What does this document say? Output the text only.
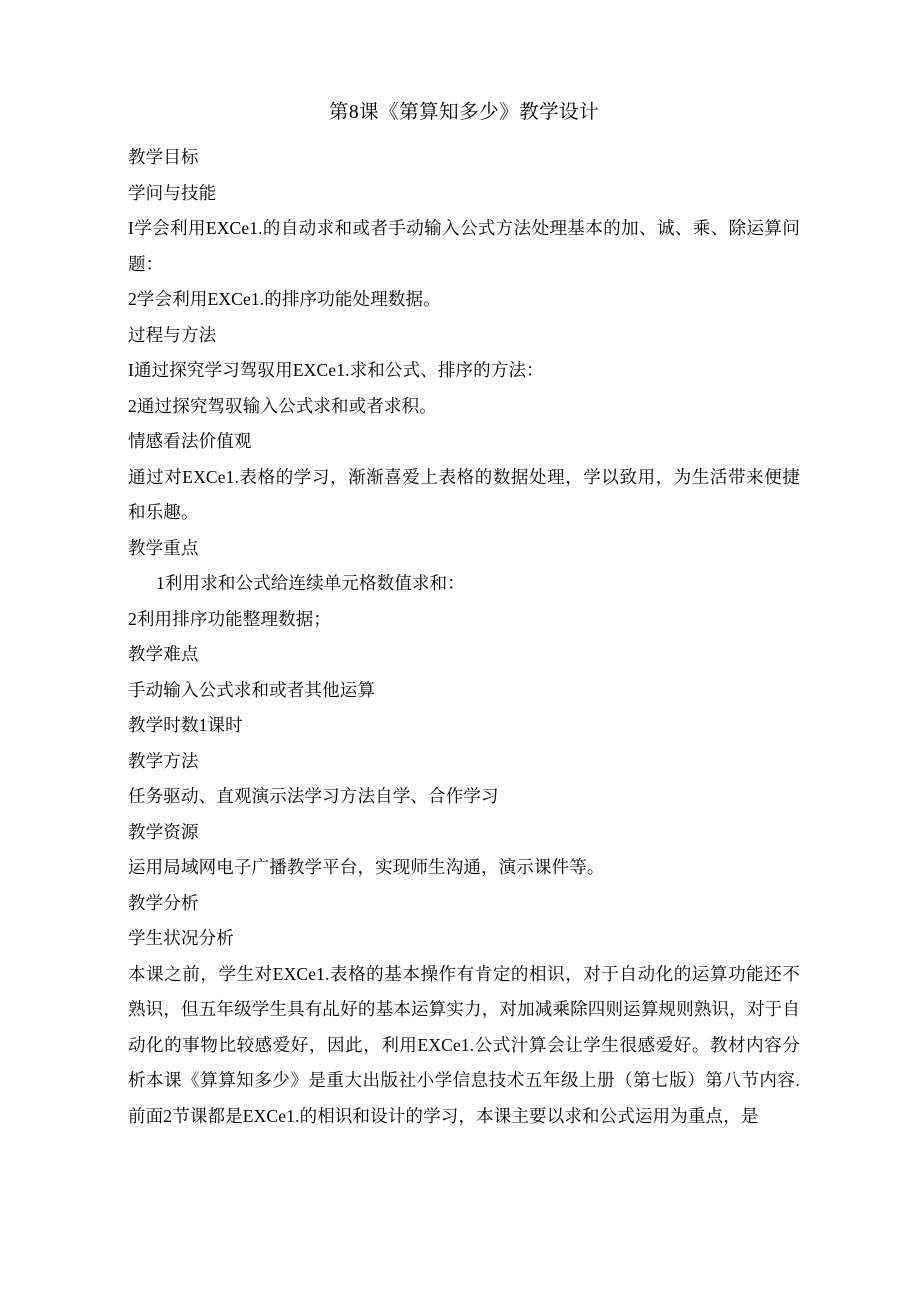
第8课《第算知多少》教学设计

教学目标

学问与技能

I学会利用EXCe1.的自动求和或者手动输入公式方法处理基本的加、诚、乘、除运算问题：

2学会利用EXCe1.的排序功能处理数据。

过程与方法

I通过探究学习驾驭用EXCe1.求和公式、排序的方法：

2通过探究驾驭输入公式求和或者求积。

情感看法价值观

通过对EXCe1.表格的学习，渐渐喜爱上表格的数据处理，学以致用，为生活带来便捷和乐趣。

教学重点

1利用求和公式给连续单元格数值求和：

2利用排序功能整理数据；

教学难点

手动输入公式求和或者其他运算

教学时数1课时

教学方法

任务驱动、直观演示法学习方法自学、合作学习

教学资源

运用局域网电子广播教学平台，实现师生沟通，演示课件等。

教学分析

学生状况分析

本课之前，学生对EXCe1.表格的基本操作有肯定的相识，对于自动化的运算功能还不熟识，但五年级学生具有乩好的基本运算实力，对加减乘除四则运算规则熟识，对于自动化的事物比较感爱好，因此，利用EXCe1.公式汁算会让学生很感爱好。教材内容分析本课《算算知多少》是重大出版社小学信息技术五年级上册（第七版）第八节内容.前面2节课都是EXCe1.的相识和设计的学习，本课主要以求和公式运用为重点，是
